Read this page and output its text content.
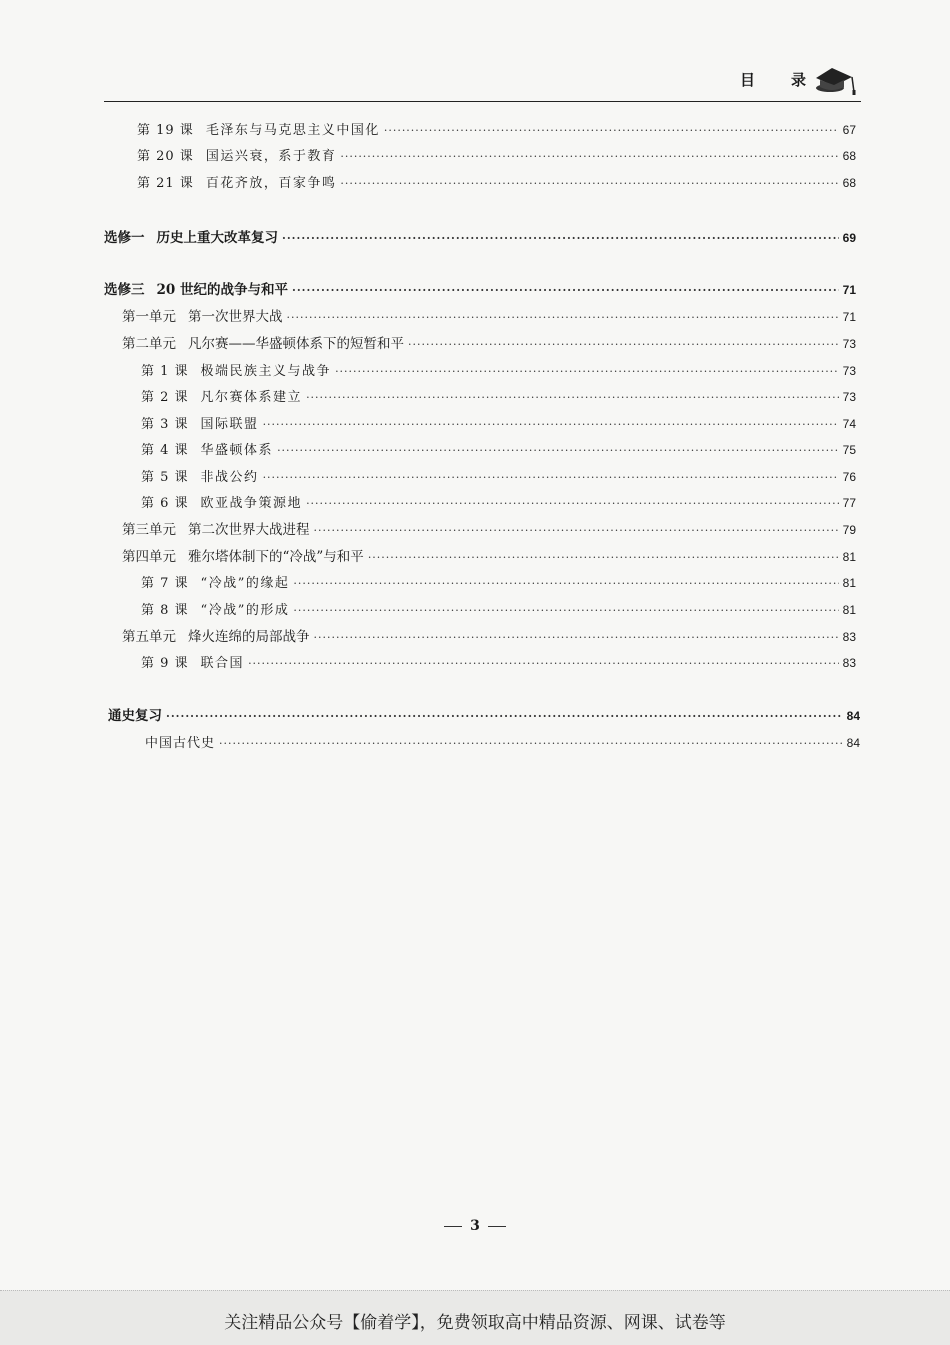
目 录
第 19 课 毛泽东与马克思主义中国化 ·····	67
第 20 课 国运兴衰，系于教育 ·····	68
第 21 课 百花齐放，百家争鸣 ·····	68
选修一 历史上重大改革复习 ·····	69
选修三 20 世纪的战争与和平 ·····	71
第一单元 第一次世界大战 ·····	71
第二单元 凡尔赛——华盛顿体系下的短暂和平 ·····	73
第 1 课 极端民族主义与战争 ·····	73
第 2 课 凡尔赛体系建立 ·····	73
第 3 课 国际联盟 ·····	74
第 4 课 华盛顿体系 ·····	75
第 5 课 非战公约 ·····	76
第 6 课 欧亚战争策源地 ·····	77
第三单元 第二次世界大战进程 ·····	79
第四单元 雅尔塔体制下的“冷战”与和平 ·····	81
第 7 课 “冷战”的缘起 ·····	81
第 8 课 “冷战”的形成 ·····	81
第五单元 烽火连绵的局部战争 ·····	83
第 9 课 联合国 ·····	83
通史复习 ·····	84
中国古代史 ·····	84
3
关注精品公众号【偷着学】，免费领取高中精品资源、网课、试卷等
